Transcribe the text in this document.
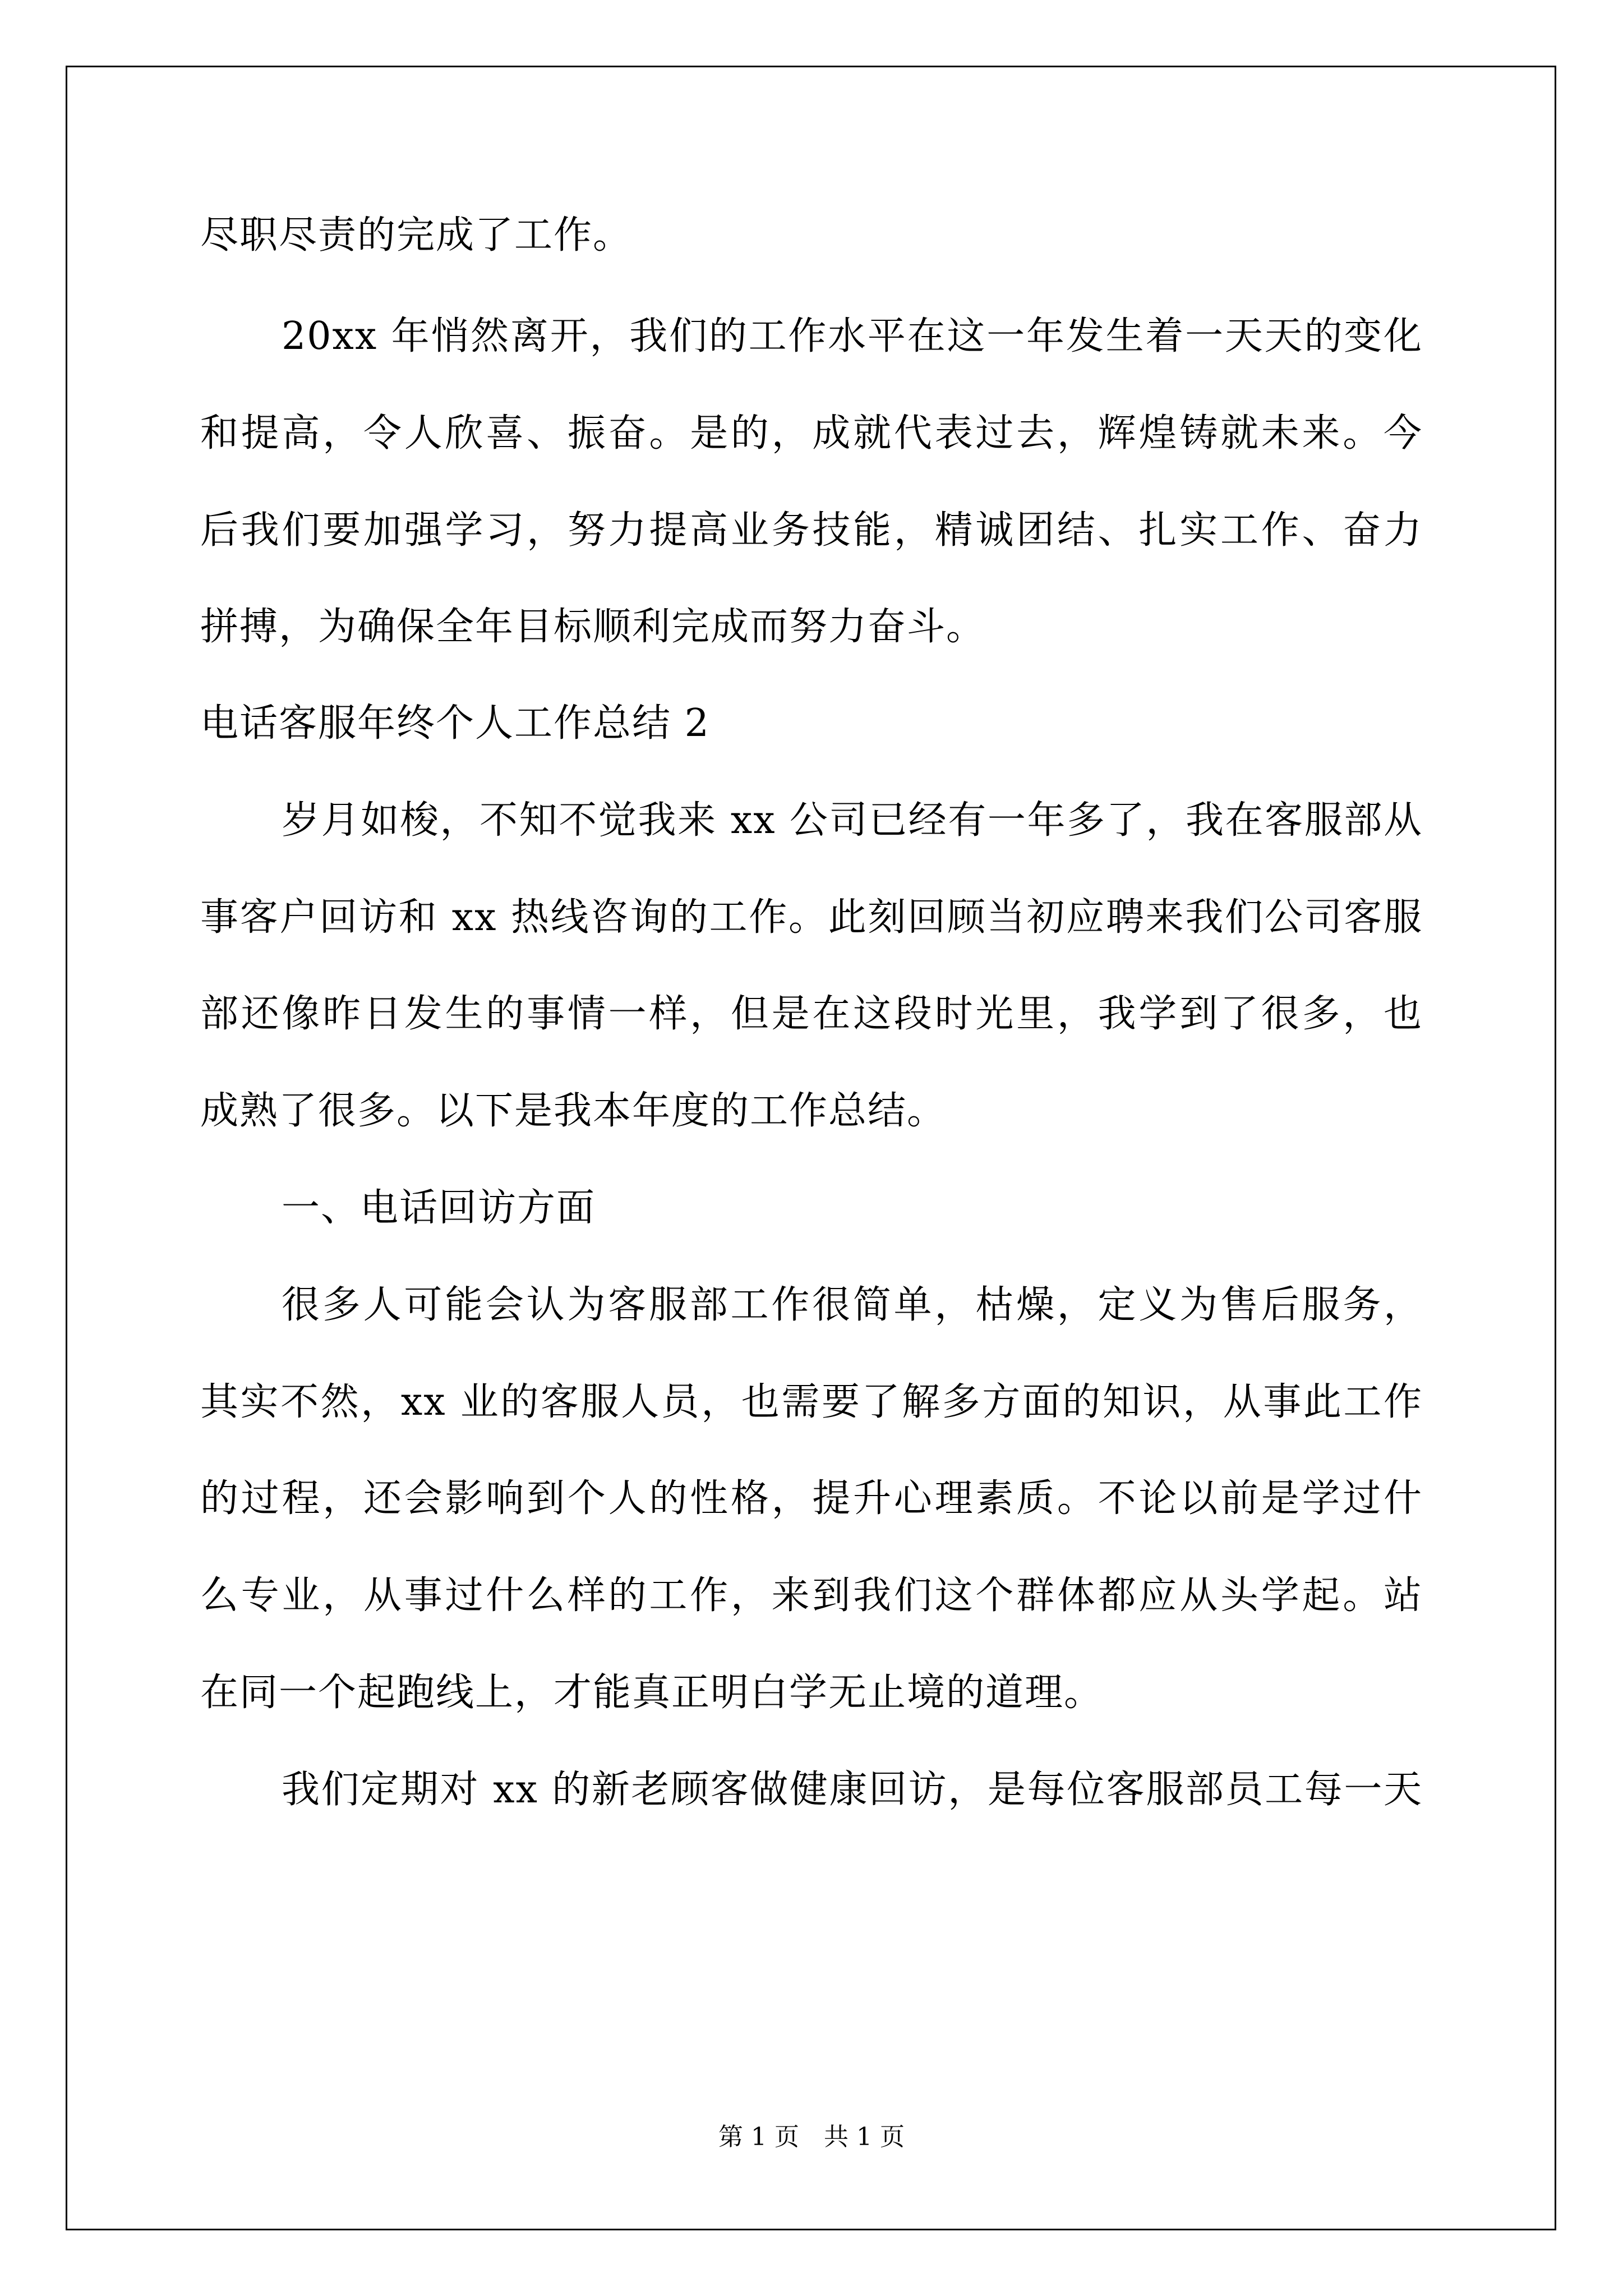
尽职尽责的完成了工作。
20xx 年悄然离开，我们的工作水平在这一年发生着一天天的变化
和提高，令人欣喜、振奋。是的，成就代表过去，辉煌铸就未来。今
后我们要加强学习，努力提高业务技能，精诚团结、扎实工作、奋力
拼搏，为确保全年目标顺利完成而努力奋斗。
电话客服年终个人工作总结 2
岁月如梭，不知不觉我来 xx 公司已经有一年多了，我在客服部从
事客户回访和 xx 热线咨询的工作。此刻回顾当初应聘来我们公司客服
部还像昨日发生的事情一样，但是在这段时光里，我学到了很多，也
成熟了很多。以下是我本年度的工作总结。
一、电话回访方面
很多人可能会认为客服部工作很简单，枯燥，定义为售后服务，
其实不然，xx 业的客服人员，也需要了解多方面的知识，从事此工作
的过程，还会影响到个人的性格，提升心理素质。不论以前是学过什
么专业，从事过什么样的工作，来到我们这个群体都应从头学起。站
在同一个起跑线上，才能真正明白学无止境的道理。
我们定期对 xx 的新老顾客做健康回访，是每位客服部员工每一天
第 1 页 共 1 页
